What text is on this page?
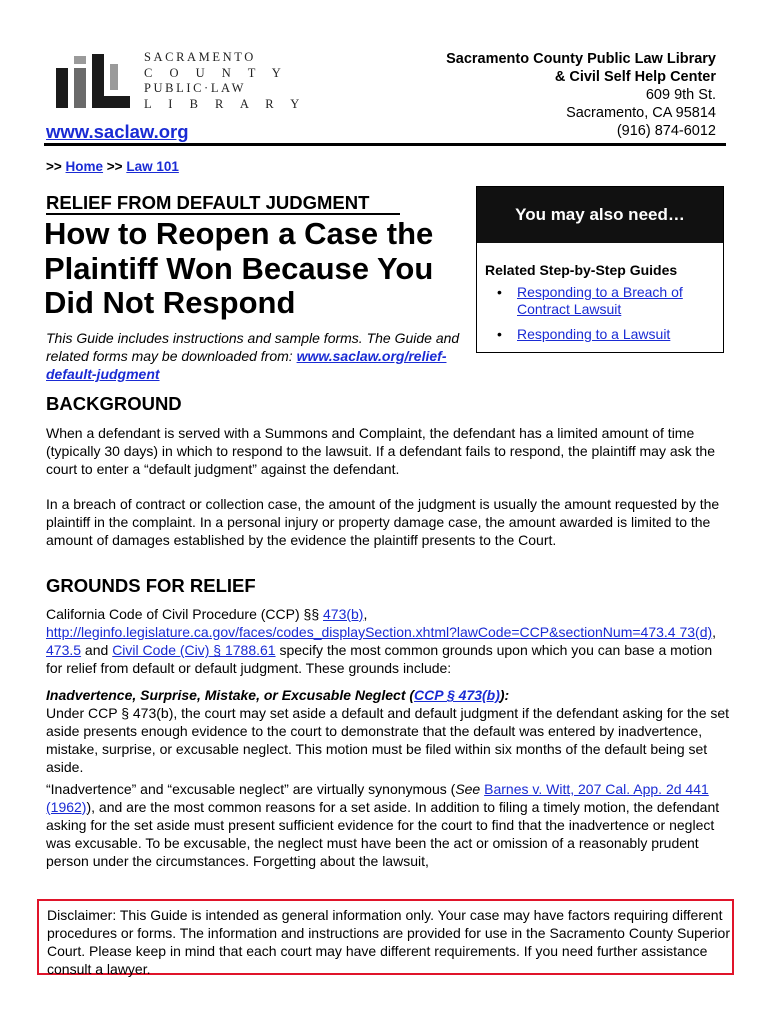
SACRAMENTO
C O U N T Y
PUBLIC·LAW
L I B R A R Y
www.saclaw.org
Sacramento County Public Law Library
& Civil Self Help Center
609 9th St.
Sacramento, CA 95814
(916) 874-6012
>> Home >> Law 101
RELIEF FROM DEFAULT JUDGMENT
How to Reopen a Case the Plaintiff Won Because You Did Not Respond

This Guide includes instructions and sample forms. The Guide and related forms may be downloaded from: www.saclaw.org/relief-default-judgment

You may also need…
Related Step-by-Step Guides
• Responding to a Breach of Contract Lawsuit
• Responding to a Lawsuit
BACKGROUND

When a defendant is served with a Summons and Complaint, the defendant has a limited amount of time (typically 30 days) in which to respond to the lawsuit. If a defendant fails to respond, the plaintiff may ask the court to enter a “default judgment” against the defendant.

In a breach of contract or collection case, the amount of the judgment is usually the amount requested by the plaintiff in the complaint. In a personal injury or property damage case, the amount awarded is limited to the amount of damages established by the evidence the plaintiff presents to the Court.

GROUNDS FOR RELIEF

California Code of Civil Procedure (CCP) §§ 473(b), http://leginfo.legislature.ca.gov/faces/codes_displaySection.xhtml?lawCode=CCP&sectionNum=473.4 73(d), 473.5 and Civil Code (Civ) § 1788.61 specify the most common grounds upon which you can base a motion for relief from default or default judgment. These grounds include:

Inadvertence, Surprise, Mistake, or Excusable Neglect (CCP § 473(b)):

Under CCP § 473(b), the court may set aside a default and default judgment if the defendant asking for the set aside presents enough evidence to the court to demonstrate that the default was entered by inadvertence, mistake, surprise, or excusable neglect. This motion must be filed within six months of the default being set aside.

“Inadvertence” and “excusable neglect” are virtually synonymous (See Barnes v. Witt, 207 Cal. App. 2d 441 (1962)), and are the most common reasons for a set aside. In addition to filing a timely motion, the defendant asking for the set aside must present sufficient evidence for the court to find that the inadvertence or neglect was excusable. To be excusable, the neglect must have been the act or omission of a reasonably prudent person under the circumstances. Forgetting about the lawsuit,

Disclaimer: This Guide is intended as general information only. Your case may have factors requiring different procedures or forms. The information and instructions are provided for use in the Sacramento County Superior Court. Please keep in mind that each court may have different requirements. If you need further assistance consult a lawyer.
